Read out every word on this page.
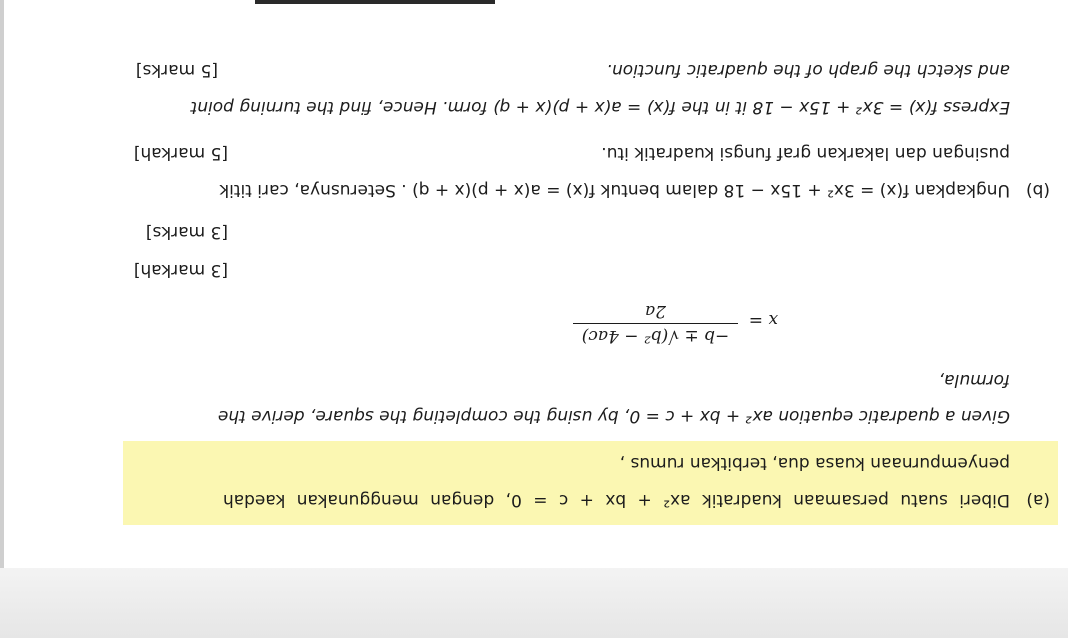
(a)
Diberi suatu persamaan kuadratik ax² + bx + c = 0, dengan menggunakan kaedah
penyempurnaan kuasa dua, terbitkan rumus ,
Given a quadratic equation ax² + bx + c = 0, by using the completing the square, derive the
formula,
x =
−b ± √(b² − 4ac)
2a
[3 markah]
[3 marks]
(b)
Ungkapkan f(x) = 3x² + 15x − 18 dalam bentuk f(x) = a(x + p)(x + q) . Seterusnya, cari titik
pusingan dan lakarkan graf fungsi kuadratik itu.
[5 markah]
Express f(x) = 3x² + 15x − 18 it in the f(x) = a(x + p)(x + q) form. Hence, find the turning point
and sketch the graph of the quadratic function.
[5 marks]
